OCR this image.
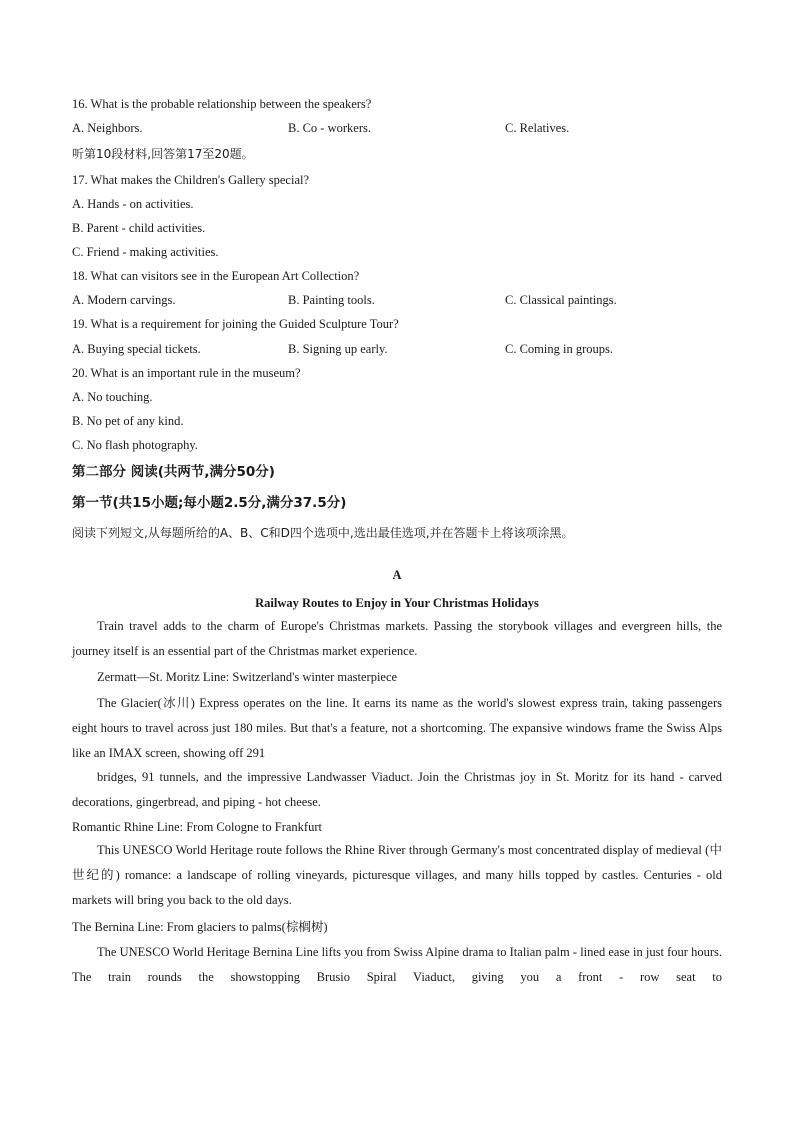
16. What is the probable relationship between the speakers?
A. Neighbors.	B. Co - workers.	C. Relatives.
听第10段材料,回答第17至20题。
17. What makes the Children's Gallery special?
A. Hands - on activities.
B. Parent - child activities.
C. Friend - making activities.
18. What can visitors see in the European Art Collection?
A. Modern carvings.	B. Painting tools.	C. Classical paintings.
19. What is a requirement for joining the Guided Sculpture Tour?
A. Buying special tickets.	B. Signing up early.	C. Coming in groups.
20. What is an important rule in the museum?
A. No touching.
B. No pet of any kind.
C. No flash photography.
第二部分 阅读(共两节,满分50分)
第一节(共15小题;每小题2.5分,满分37.5分)
阅读下列短文,从每题所给的A、B、C和D四个选项中,选出最佳选项,并在答题卡上将该项涂黑。
A
Railway Routes to Enjoy in Your Christmas Holidays
Train travel adds to the charm of Europe's Christmas markets. Passing the storybook villages and evergreen hills, the journey itself is an essential part of the Christmas market experience.
Zermatt—St. Moritz Line: Switzerland's winter masterpiece
The Glacier(冰川) Express operates on the line. It earns its name as the world's slowest express train, taking passengers eight hours to travel across just 180 miles. But that's a feature, not a shortcoming. The expansive windows frame the Swiss Alps like an IMAX screen, showing off 291
bridges, 91 tunnels, and the impressive Landwasser Viaduct. Join the Christmas joy in St. Moritz for its hand - carved decorations, gingerbread, and piping - hot cheese.
Romantic Rhine Line: From Cologne to Frankfurt
This UNESCO World Heritage route follows the Rhine River through Germany's most concentrated display of medieval (中世纪的) romance: a landscape of rolling vineyards, picturesque villages, and many hills topped by castles. Centuries - old markets will bring you back to the old days.
The Bernina Line: From glaciers to palms(棕榈树)
The UNESCO World Heritage Bernina Line lifts you from Swiss Alpine drama to Italian palm - lined ease in just four hours. The train rounds the showstopping Brusio Spiral Viaduct, giving you a front - row seat to
